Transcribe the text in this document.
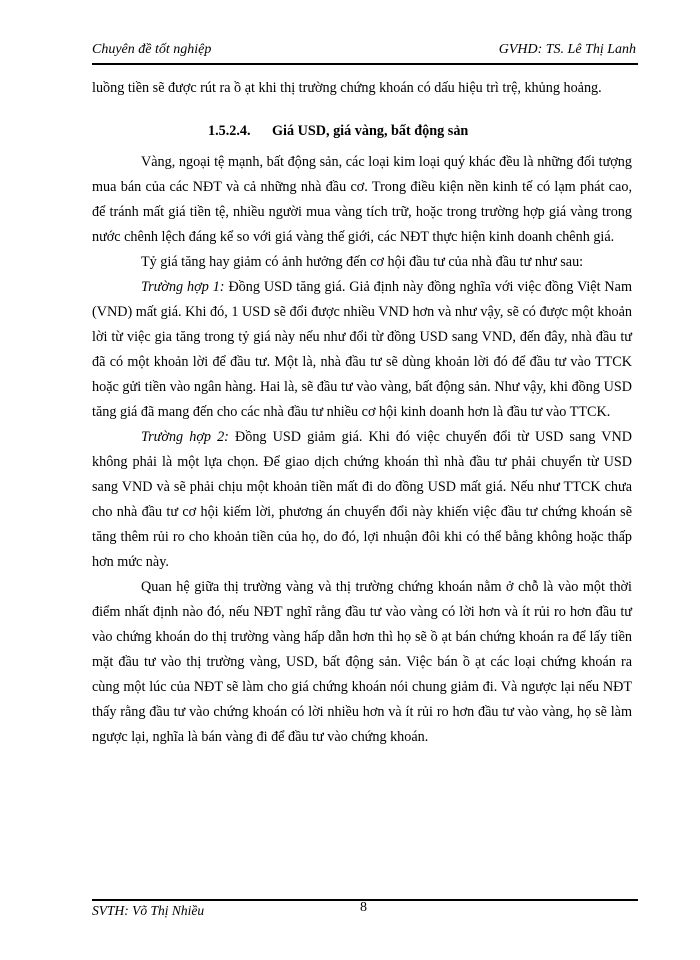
Chuyên đề tốt nghiệp	GVHD: TS. Lê Thị Lanh

luồng tiền sẽ được rút ra ồ ạt khi thị trường chứng khoán có dấu hiệu trì trệ, khủng hoảng.

1.5.2.4. Giá USD, giá vàng, bất động sản

Vàng, ngoại tệ mạnh, bất động sản, các loại kim loại quý khác đều là những đối tượng mua bán của các NĐT và cả những nhà đầu cơ. Trong điều kiện nền kinh tế có lạm phát cao, để tránh mất giá tiền tệ, nhiều người mua vàng tích trữ, hoặc trong trường hợp giá vàng trong nước chênh lệch đáng kể so với giá vàng thế giới, các NĐT thực hiện kinh doanh chênh giá.

Tỷ giá tăng hay giảm có ảnh hưởng đến cơ hội đầu tư của nhà đầu tư như sau:

Trường hợp 1: Đồng USD tăng giá. Giả định này đồng nghĩa với việc đồng Việt Nam (VND) mất giá. Khi đó, 1 USD sẽ đổi được nhiều VND hơn và như vậy, sẽ có được một khoản lời từ việc gia tăng trong tỷ giá này nếu như đổi từ đồng USD sang VND, đến đây, nhà đầu tư đã có một khoản lời để đầu tư. Một là, nhà đầu tư sẽ dùng khoản lời đó để đầu tư vào TTCK hoặc gửi tiền vào ngân hàng. Hai là, sẽ đầu tư vào vàng, bất động sản. Như vậy, khi đồng USD tăng giá đã mang đến cho các nhà đầu tư nhiều cơ hội kinh doanh hơn là đầu tư vào TTCK.

Trường hợp 2: Đồng USD giảm giá. Khi đó việc chuyển đổi từ USD sang VND không phải là một lựa chọn. Để giao dịch chứng khoán thì nhà đầu tư phải chuyển từ USD sang VND và sẽ phải chịu một khoản tiền mất đi do đồng USD mất giá. Nếu như TTCK chưa cho nhà đầu tư cơ hội kiếm lời, phương án chuyển đổi này khiến việc đầu tư chứng khoán sẽ tăng thêm rủi ro cho khoản tiền của họ, do đó, lợi nhuận đôi khi có thể bằng không hoặc thấp hơn mức này.

Quan hệ giữa thị trường vàng và thị trường chứng khoán nằm ở chỗ là vào một thời điểm nhất định nào đó, nếu NĐT nghĩ rằng đầu tư vào vàng có lời hơn và ít rủi ro hơn đầu tư vào chứng khoán do thị trường vàng hấp dẫn hơn thì họ sẽ ồ ạt bán chứng khoán ra để lấy tiền mặt đầu tư vào thị trường vàng, USD, bất động sản. Việc bán ồ ạt các loại chứng khoán ra cùng một lúc của NĐT sẽ làm cho giá chứng khoán nói chung giảm đi. Và ngược lại nếu NĐT thấy rằng đầu tư vào chứng khoán có lời nhiều hơn và ít rủi ro hơn đầu tư vào vàng, họ sẽ làm ngược lại, nghĩa là bán vàng đi để đầu tư vào chứng khoán.

SVTH: Võ Thị Nhiều	8
